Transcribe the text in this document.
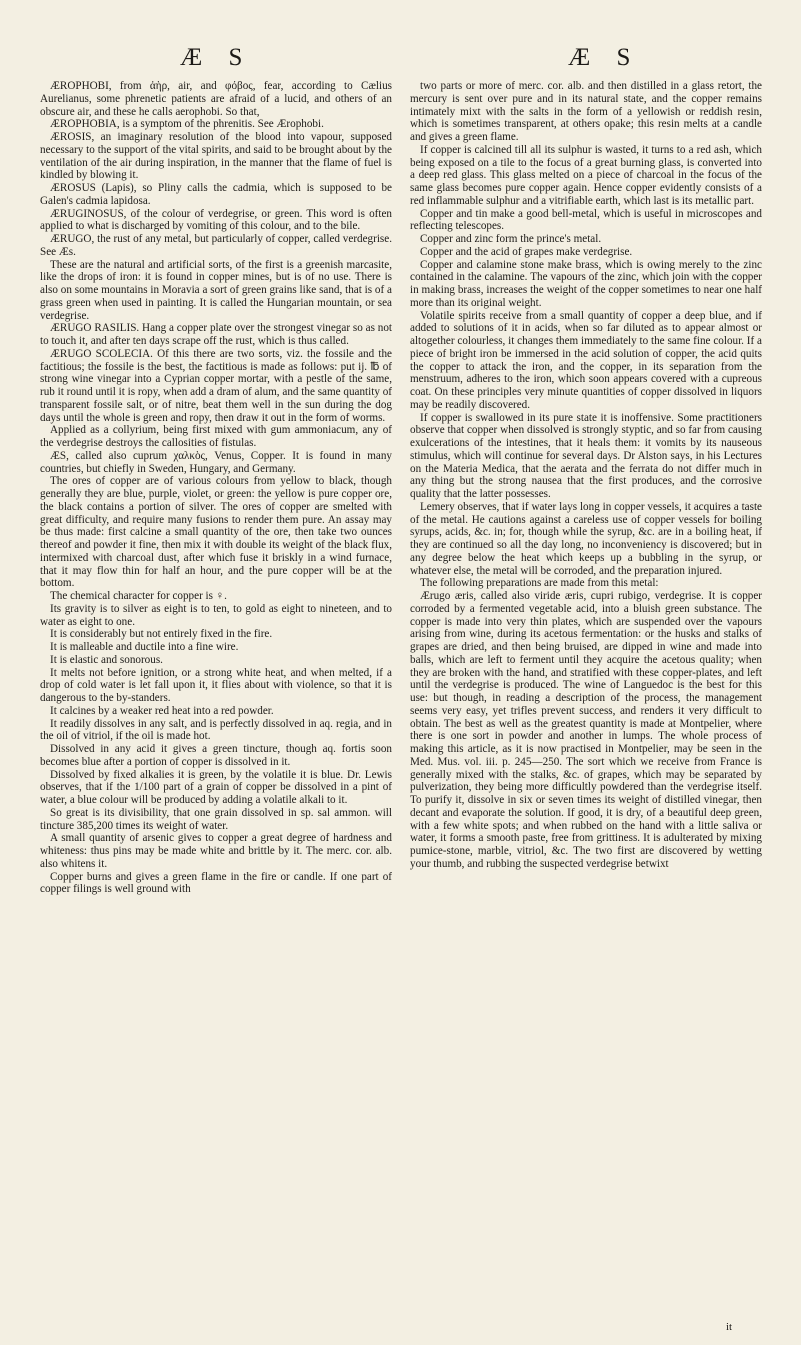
Æ S	Æ S

ÆROPHOBI, from ἀὴρ, air, and φόβος, fear, according to Cælius Aurelianus, some phrenetic patients are afraid of a lucid, and others of an obscure air, and these he calls aerophobi. So that,

ÆROPHOBIA, is a symptom of the phrenitis. See Ærophobi.

ÆROSIS, an imaginary resolution of the blood into vapour, supposed necessary to the support of the vital spirits, and said to be brought about by the ventilation of the air during inspiration, in the manner that the flame of fuel is kindled by blowing it.

ÆROSUS (Lapis), so Pliny calls the cadmia, which is supposed to be Galen's cadmia lapidosa.

ÆRUGINOSUS, of the colour of verdegrise, or green. This word is often applied to what is discharged by vomiting of this colour, and to the bile.

ÆRUGO, the rust of any metal, but particularly of copper, called verdegrise. See Æs.

These are the natural and artificial sorts, of the first is a greenish marcasite, like the drops of iron: it is found in copper mines, but is of no use. There is also on some mountains in Moravia a sort of green grains like sand, that is of a grass green when used in painting. It is called the Hungarian mountain, or sea verdegrise.

ÆRUGO RASILIS. Hang a copper plate over the strongest vinegar so as not to touch it, and after ten days scrape off the rust, which is thus called.

ÆRUGO SCOLECIA. Of this there are two sorts, viz. the fossile and the factitious; the fossile is the best, the factitious is made as follows: put ij. ℔ of strong wine vinegar into a Cyprian copper mortar, with a pestle of the same, rub it round until it is ropy, when add a dram of alum, and the same quantity of transparent fossile salt, or of nitre, beat them well in the sun during the dog days until the whole is green and ropy, then draw it out in the form of worms.

Applied as a collyrium, being first mixed with gum ammoniacum, any of the verdegrise destroys the callosities of fistulas.

ÆS, called also cuprum χαλκὸς, Venus, Copper. It is found in many countries, but chiefly in Sweden, Hungary, and Germany.

The ores of copper are of various colours from yellow to black, though generally they are blue, purple, violet, or green: the yellow is pure copper ore, the black contains a portion of silver. The ores of copper are smelted with great difficulty, and require many fusions to render them pure. An assay may be thus made: first calcine a small quantity of the ore, then take two ounces thereof and powder it fine, then mix it with double its weight of the black flux, intermixed with charcoal dust, after which fuse it briskly in a wind furnace, that it may flow thin for half an hour, and the pure copper will be at the bottom.

The chemical character for copper is ♀.

Its gravity is to silver as eight is to ten, to gold as eight to nineteen, and to water as eight to one.

It is considerably but not entirely fixed in the fire.

It is malleable and ductile into a fine wire.

It is elastic and sonorous.

It melts not before ignition, or a strong white heat, and when melted, if a drop of cold water is let fall upon it, it flies about with violence, so that it is dangerous to the by-standers.

It calcines by a weaker red heat into a red powder.

It readily dissolves in any salt, and is perfectly dissolved in aq. regia, and in the oil of vitriol, if the oil is made hot.

Dissolved in any acid it gives a green tincture, though aq. fortis soon becomes blue after a portion of copper is dissolved in it.

Dissolved by fixed alkalies it is green, by the volatile it is blue. Dr. Lewis observes, that if the 1/100 part of a grain of copper be dissolved in a pint of water, a blue colour will be produced by adding a volatile alkali to it.

So great is its divisibility, that one grain dissolved in sp. sal ammon. will tincture 385,200 times its weight of water.

A small quantity of arsenic gives to copper a great degree of hardness and whiteness: thus pins may be made white and brittle by it. The merc. cor. alb. also whitens it.

Copper burns and gives a green flame in the fire or candle. If one part of copper filings is well ground with

two parts or more of merc. cor. alb. and then distilled in a glass retort, the mercury is sent over pure and in its natural state, and the copper remains intimately mixt with the salts in the form of a yellowish or reddish resin, which is sometimes transparent, at others opake; this resin melts at a candle and gives a green flame.

If copper is calcined till all its sulphur is wasted, it turns to a red ash, which being exposed on a tile to the focus of a great burning glass, is converted into a deep red glass. This glass melted on a piece of charcoal in the focus of the same glass becomes pure copper again. Hence copper evidently consists of a red inflammable sulphur and a vitrifiable earth, which last is its metallic part.

Copper and tin make a good bell-metal, which is useful in microscopes and reflecting telescopes.

Copper and zinc form the prince's metal.

Copper and the acid of grapes make verdegrise.

Copper and calamine stone make brass, which is owing merely to the zinc contained in the calamine. The vapours of the zinc, which join with the copper in making brass, increases the weight of the copper sometimes to near one half more than its original weight.

Volatile spirits receive from a small quantity of copper a deep blue, and if added to solutions of it in acids, when so far diluted as to appear almost or altogether colourless, it changes them immediately to the same fine colour. If a piece of bright iron be immersed in the acid solution of copper, the acid quits the copper to attack the iron, and the copper, in its separation from the menstruum, adheres to the iron, which soon appears covered with a cupreous coat. On these principles very minute quantities of copper dissolved in liquors may be readily discovered.

If copper is swallowed in its pure state it is inoffensive. Some practitioners observe that copper when dissolved is strongly styptic, and so far from causing exulcerations of the intestines, that it heals them: it vomits by its nauseous stimulus, which will continue for several days. Dr Alston says, in his Lectures on the Materia Medica, that the aerata and the ferrata do not differ much in any thing but the strong nausea that the first produces, and the corrosive quality that the latter possesses.

Lemery observes, that if water lays long in copper vessels, it acquires a taste of the metal. He cautions against a careless use of copper vessels for boiling syrups, acids, &c. in; for, though while the syrup, &c. are in a boiling heat, if they are continued so all the day long, no inconveniency is discovered; but in any degree below the heat which keeps up a bubbling in the syrup, or whatever else, the metal will be corroded, and the preparation injured.

The following preparations are made from this metal:

Ærugo æris, called also viride æris, cupri rubigo, verdegrise. It is copper corroded by a fermented vegetable acid, into a bluish green substance. The copper is made into very thin plates, which are suspended over the vapours arising from wine, during its acetous fermentation: or the husks and stalks of grapes are dried, and then being bruised, are dipped in wine and made into balls, which are left to ferment until they acquire the acetous quality; when they are broken with the hand, and stratified with these copper-plates, and left until the verdegrise is produced. The wine of Languedoc is the best for this use: but though, in reading a description of the process, the management seems very easy, yet trifles prevent success, and renders it very difficult to obtain. The best as well as the greatest quantity is made at Montpelier, where there is one sort in powder and another in lumps. The whole process of making this article, as it is now practised in Montpelier, may be seen in the Med. Mus. vol. iii. p. 245—250. The sort which we receive from France is generally mixed with the stalks, &c. of grapes, which may be separated by pulverization, they being more difficultly powdered than the verdegrise itself. To purify it, dissolve in six or seven times its weight of distilled vinegar, then decant and evaporate the solution. If good, it is dry, of a beautiful deep green, with a few white spots; and when rubbed on the hand with a little saliva or water, it forms a smooth paste, free from grittiness. It is adulterated by mixing pumice-stone, marble, vitriol, &c. The two first are discovered by wetting your thumb, and rubbing the suspected verdegrise betwixt

it
